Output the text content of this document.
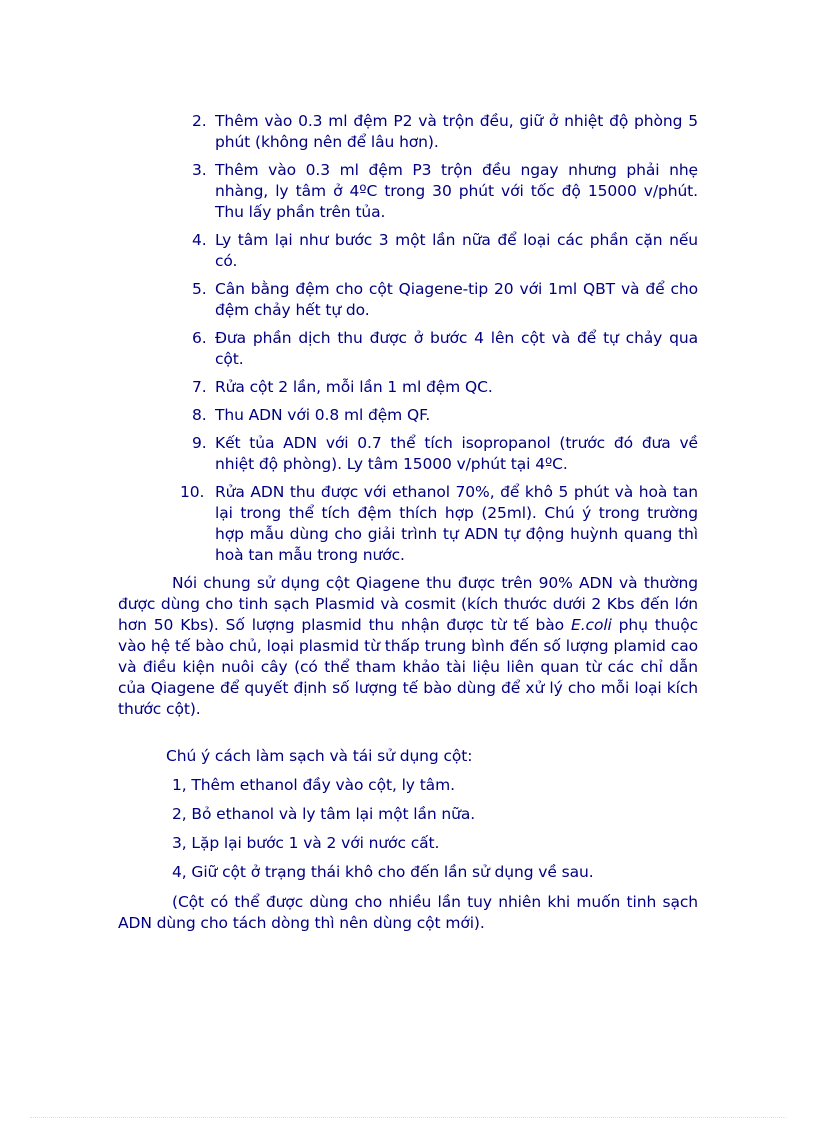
2. Thêm vào 0.3 ml đệm P2 và trộn đều, giữ ở nhiệt độ phòng 5 phút (không nên để lâu hơn).
3. Thêm vào 0.3 ml đệm P3 trộn đều ngay nhưng phải nhẹ nhàng, ly tâm ở 4ºC trong 30 phút với tốc độ 15000 v/phút. Thu lấy phần trên tủa.
4. Ly tâm lại như bước 3 một lần nữa để loại các phần cặn nếu có.
5. Cân bằng đệm cho cột Qiagene-tip 20 với 1ml QBT và để cho đệm chảy hết tự do.
6. Đưa phần dịch thu được ở bước 4 lên cột và để tự chảy qua cột.
7. Rửa cột 2 lần, mỗi lần 1 ml đệm QC.
8. Thu ADN với 0.8 ml đệm QF.
9. Kết tủa ADN với 0.7 thể tích isopropanol (trước đó đưa về nhiệt độ phòng). Ly tâm 15000 v/phút tại 4ºC.
10. Rửa ADN thu được với ethanol 70%, để khô 5 phút và hoà tan lại trong thể tích đệm thích hợp (25ml). Chú ý trong trường hợp mẫu dùng cho giải trình tự ADN tự động huỳnh quang thì hoà tan mẫu trong nước.

Nói chung sử dụng cột Qiagene thu được trên 90% ADN và thường được dùng cho tinh sạch Plasmid và cosmit (kích thước dưới 2 Kbs đến lớn hơn 50 Kbs). Số lượng plasmid thu nhận được từ tế bào E.coli phụ thuộc vào hệ tế bào chủ, loại plasmid từ thấp trung bình đến số lượng plamid cao và điều kiện nuôi cây (có thể tham khảo tài liệu liên quan từ các chỉ dẫn của Qiagene để quyết định số lượng tế bào dùng để xử lý cho mỗi loại kích thước cột).

Chú ý cách làm sạch và tái sử dụng cột:
1, Thêm ethanol đầy vào cột, ly tâm.
2, Bỏ ethanol và ly tâm lại một lần nữa.
3, Lặp lại bước 1 và 2 với nước cất.
4, Giữ cột ở trạng thái khô cho đến lần sử dụng về sau.

(Cột có thể được dùng cho nhiều lần tuy nhiên khi muốn tinh sạch ADN dùng cho tách dòng thì nên dùng cột mới).
